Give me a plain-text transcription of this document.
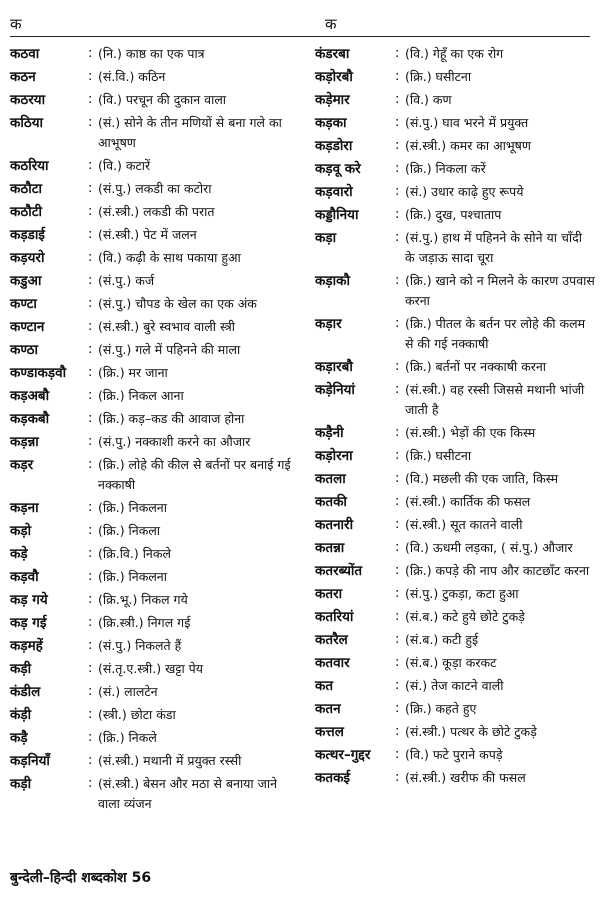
क	क
कठवा	: (नि.) काष्ठ का एक पात्र
कठन	: (सं.वि.) कठिन
कठरया	: (वि.) परचून की दुकान वाला
कठिया	: (सं.) सोने के तीन मणियों से बना गले का आभूषण
कठरिया	: (वि.) कटारें
कठौटा	: (सं.पु.) लकडी का कटोरा
कठौटी	: (सं.स्त्री.) लकडी की परात
कड़डाई	: (सं.स्त्री.) पेट में जलन
कड़यरो	: (वि.) कढ़ी के साथ पकाया हुआ
कडुआ	: (सं.पु.) कर्ज
कण्टा	: (सं.पु.) चौपड के खेल का एक अंक
कण्टान	: (सं.स्त्री.) बुरे स्वभाव वाली स्त्री
कण्ठा	: (सं.पु.) गले में पहिनने की माला
कण्डाकड़वौ	: (क्रि.) मर जाना
कड़अबौ	: (क्रि.) निकल आना
कड़कबौ	: (क्रि.) कड़–कड की आवाज होना
कड़न्ना	: (सं.पु.) नक्काशी करने का औजार
कड़र	: (क्रि.) लोहे की कील से बर्तनों पर बनाई गई नक्काषी
कड़ना	: (क्रि.) निकलना
कड़ो	: (क्रि.) निकला
कड़े	: (क्रि.वि.) निकले
कड़वौ	: (क्रि.) निकलना
कड़ गये	: (क्रि.भू.) निकल गये
कड़ गई	: (क्रि.स्त्री.) निगल गई
कड़महें	: (सं.पु.) निकलते हैं
कड़ी	: (सं.तृ.ए.स्त्री.) खट्टा पेय
कंडील	: (सं.) लालटेन
कंड़ी	: (स्त्री.) छोटा कंडा
कड़ै	: (क्रि.) निकले
कड़नियाँ	: (सं.स्त्री.) मथानी में प्रयुक्त रस्सी
कड़ी	: (सं.स्त्री.) बेसन और मठा से बनाया जाने वाला व्यंजन
कंडरबा	: (वि.) गेहूँ का एक रोग
कड़ोरबौ	: (क्रि.) घसीटना
कड़ेमार	: (वि.) कण
कड़का	: (सं.पु.) घाव भरने में प्रयुक्त
कड़डोरा	: (सं.स्त्री.) कमर का आभूषण
कड़वू करे	: (क्रि.) निकला करें
कड़वारो	: (सं.) उधार काढ़े हुए रूपये
कड्डौनिया	: (क्रि.) दुख, पश्चाताप
कड़ा	: (सं.पु.) हाथ में पहिनने के सोने या चाँदी के जड़ाऊ सादा चूरा
कड़ाकौ	: (क्रि.) खाने को न मिलने के कारण उपवास करना
कड़ार	: (क्रि.) पीतल के बर्तन पर लोहे की कलम से की गई नक्काषी
कड़ारबौ	: (क्रि.) बर्तनों पर नक्काषी करना
कड़ेनियां	: (सं.स्त्री.) वह रस्सी जिससे मथानी भांजी जाती है
कड़ैनी	: (सं.स्त्री.) भेड़ों की एक किस्म
कड़ोरना	: (क्रि.) घसीटना
कतला	: (वि.) मछली की एक जाति, किस्म
कतकी	: (सं.स्त्री.) कार्तिक की फसल
कतनारी	: (सं.स्त्री.) सूत कातने वाली
कतन्ना	: (वि.) ऊधमी लड़का, ( सं.पु.) औजार
कतरब्योंत	: (क्रि.) कपड़े की नाप और काटछाँट करना
कतरा	: (सं.पु.) टुकड़ा, कटा हुआ
कतरियां	: (सं.ब.) कटे हुये छोटे टुकड़े
कतरैल	: (सं.ब.) कटी हुई
कतवार	: (सं.ब.) कूड़ा करकट
कत	: (सं.) तेज काटने वाली
कतन	: (क्रि.) कहते हुए
कत्तल	: (सं.स्त्री.) पत्थर के छोटे टुकड़े
कत्थर–गुद्दर	: (वि.) फटे पुराने कपड़े
कतकई	: (सं.स्त्री.) खरीफ की फसल
बुन्देली–हिन्दी शब्दकोश 56
